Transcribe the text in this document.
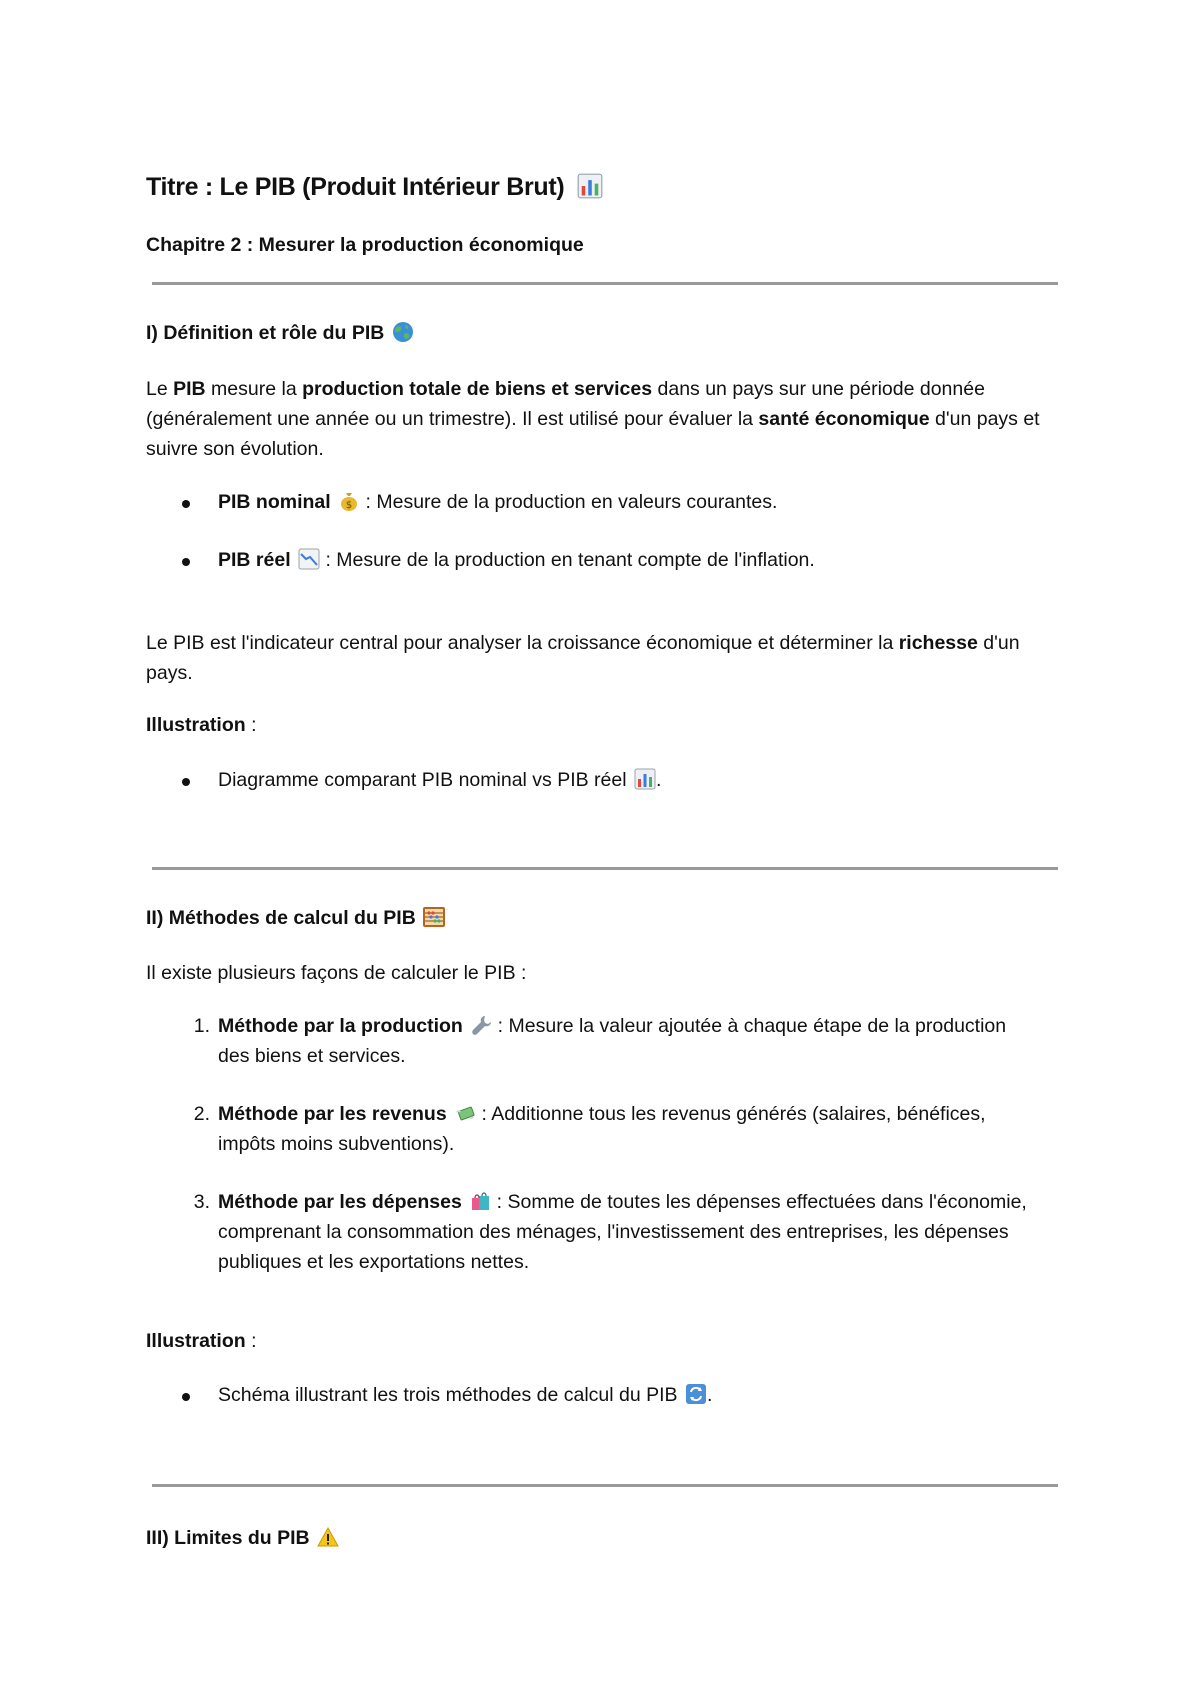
Titre : Le PIB (Produit Intérieur Brut)
Chapitre 2 : Mesurer la production économique
I) Définition et rôle du PIB
Le PIB mesure la production totale de biens et services dans un pays sur une période donnée (généralement une année ou un trimestre). Il est utilisé pour évaluer la santé économique d'un pays et suivre son évolution.
PIB nominal $ : Mesure de la production en valeurs courantes.
PIB réel  : Mesure de la production en tenant compte de l'inflation.
Le PIB est l'indicateur central pour analyser la croissance économique et déterminer la richesse d'un pays.
Illustration :
Diagramme comparant PIB nominal vs PIB réel .
II) Méthodes de calcul du PIB
Il existe plusieurs façons de calculer le PIB :
1. Méthode par la production  : Mesure la valeur ajoutée à chaque étape de la production des biens et services.
2. Méthode par les revenus  : Additionne tous les revenus générés (salaires, bénéfices, impôts moins subventions).
3. Méthode par les dépenses  : Somme de toutes les dépenses effectuées dans l'économie, comprenant la consommation des ménages, l'investissement des entreprises, les dépenses publiques et les exportations nettes.
Illustration :
Schéma illustrant les trois méthodes de calcul du PIB .
III) Limites du PIB
